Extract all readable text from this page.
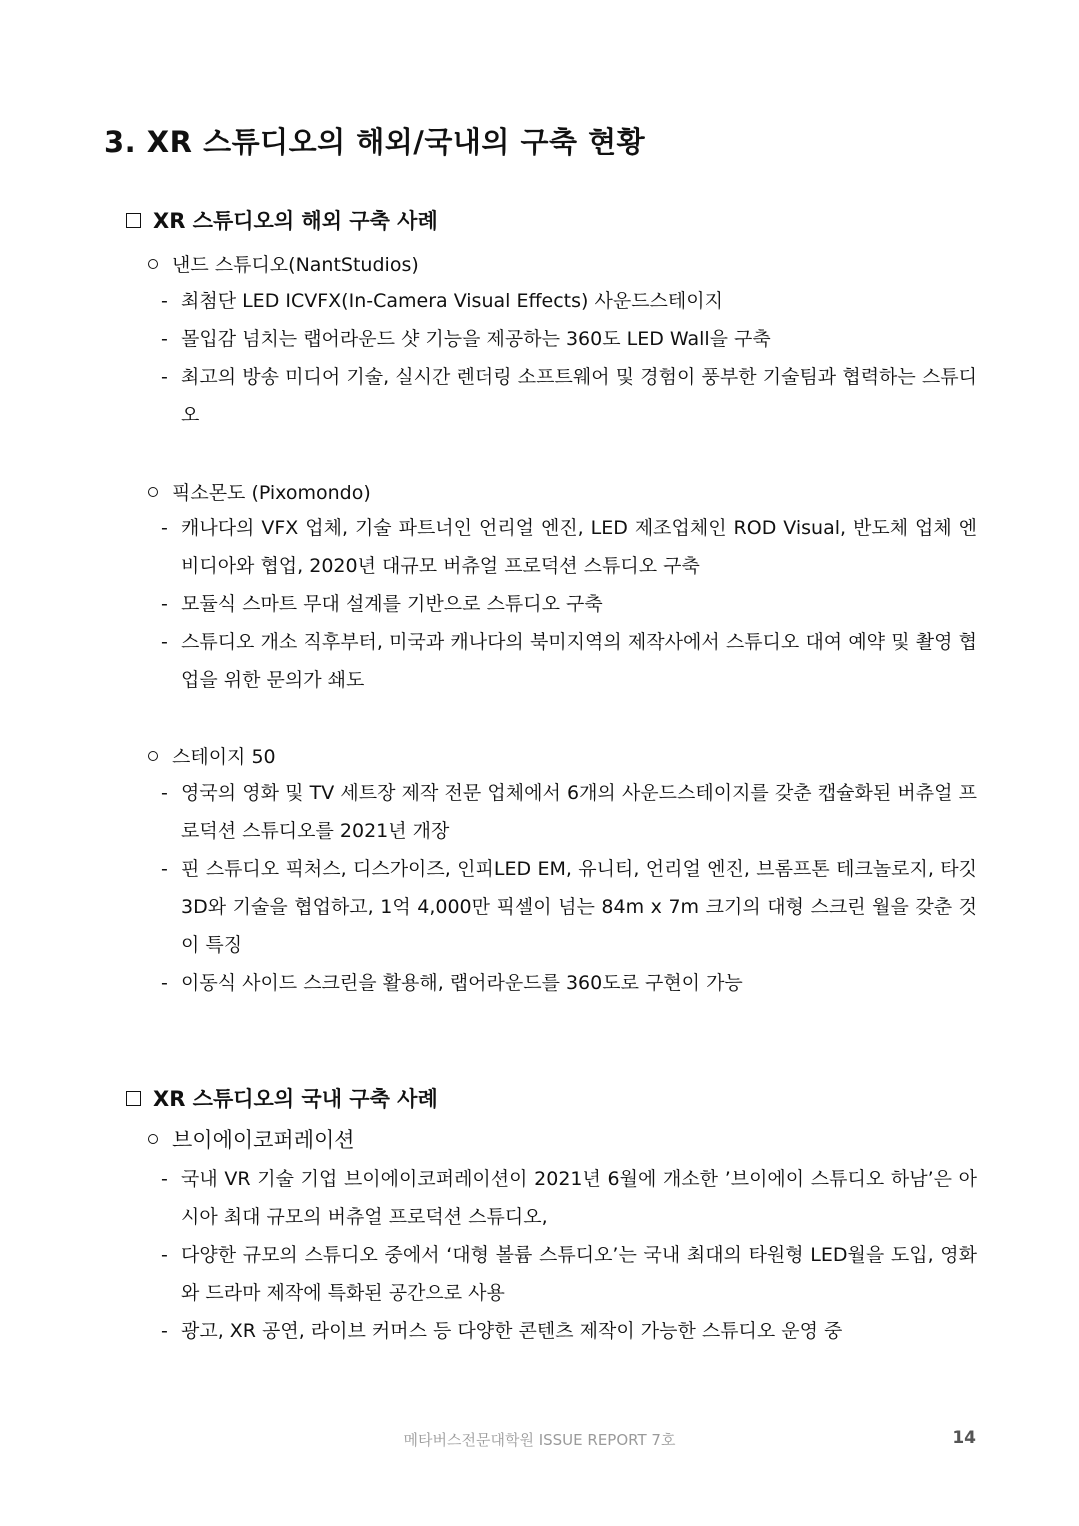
3. XR 스튜디오의 해외/국내의 구축 현황
XR 스튜디오의 해외 구축 사례
낸드 스튜디오(NantStudios)

- 최첨단 LED ICVFX(In-Camera Visual Effects) 사운드스테이지

- 몰입감 넘치는 랩어라운드 샷 기능을 제공하는 360도 LED Wall을 구축

- 최고의 방송 미디어 기술, 실시간 렌더링 소프트웨어 및 경험이 풍부한 기술팀과 협력하는 스튜디오

픽소몬도 (Pixomondo)

- 캐나다의 VFX 업체, 기술 파트너인 언리얼 엔진, LED 제조업체인 ROD Visual, 반도체 업체 엔비디아와 협업, 2020년 대규모 버츄얼 프로덕션 스튜디오 구축

- 모듈식 스마트 무대 설계를 기반으로 스튜디오 구축

- 스튜디오 개소 직후부터, 미국과 캐나다의 북미지역의 제작사에서 스튜디오 대여 예약 및 촬영 협업을 위한 문의가 쇄도

스테이지 50

- 영국의 영화 및 TV 세트장 제작 전문 업체에서 6개의 사운드스테이지를 갖춘 캡슐화된 버츄얼 프로덕션 스튜디오를 2021년 개장

- 핀 스튜디오 픽처스, 디스가이즈, 인피LED EM, 유니티, 언리얼 엔진, 브롬프톤 테크놀로지, 타깃3D와 기술을 협업하고, 1억 4,000만 픽셀이 넘는 84m x 7m 크기의 대형 스크린 월을 갖춘 것이 특징

- 이동식 사이드 스크린을 활용해, 랩어라운드를 360도로 구현이 가능

XR 스튜디오의 국내 구축 사례
브이에이코퍼레이션

- 국내 VR 기술 기업 브이에이코퍼레이션이 2021년 6월에 개소한 ’브이에이 스튜디오 하남’은 아시아 최대 규모의 버츄얼 프로덕션 스튜디오,

- 다양한 규모의 스튜디오 중에서 ‘대형 볼륨 스튜디오’는 국내 최대의 타원형 LED월을 도입, 영화와 드라마 제작에 특화된 공간으로 사용

- 광고, XR 공연, 라이브 커머스 등 다양한 콘텐츠 제작이 가능한 스튜디오 운영 중

메타버스전문대학원 ISSUE REPORT 7호	14
